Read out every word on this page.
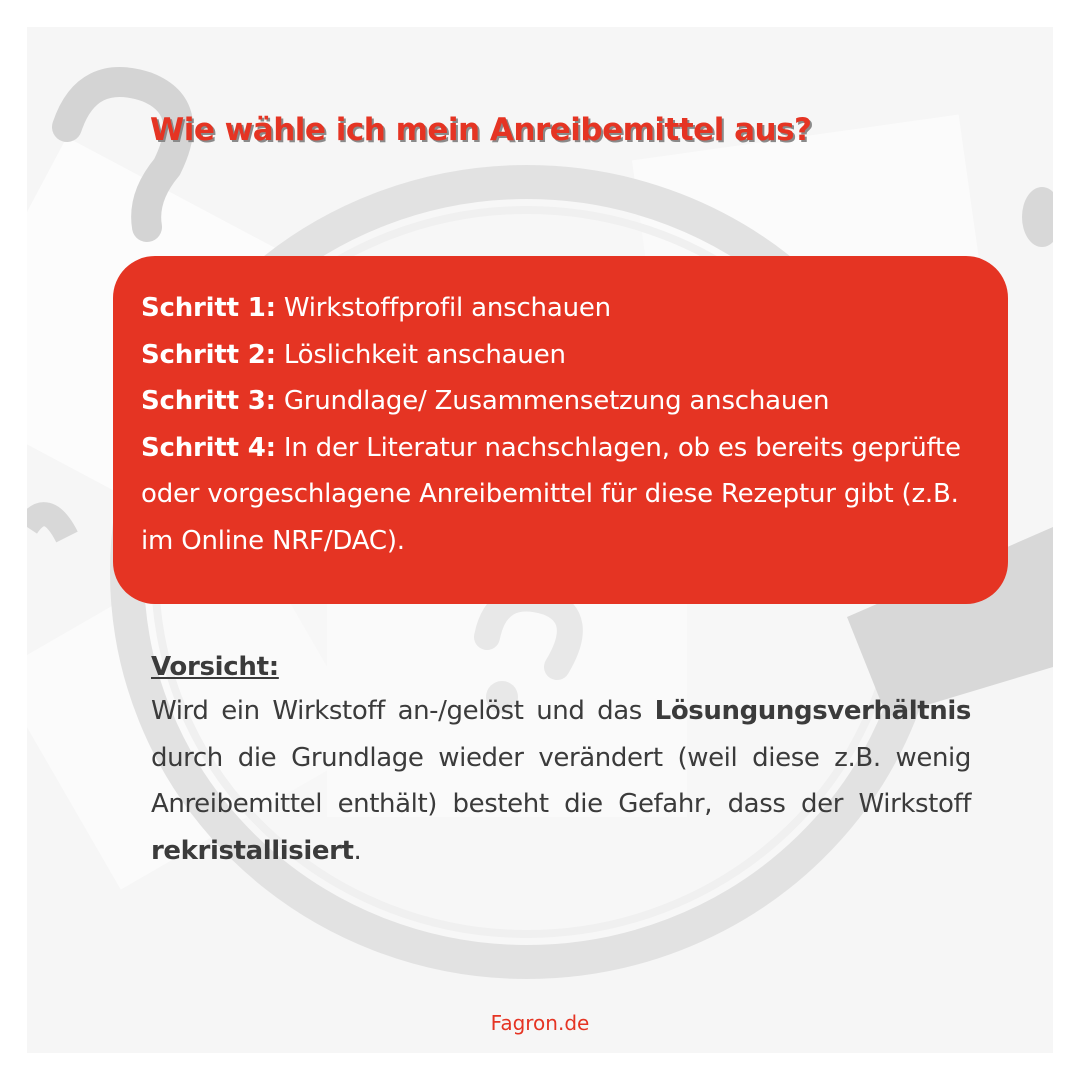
Wie wähle ich mein Anreibemittel aus?
Schritt 1: Wirkstoffprofil anschauen
Schritt 2: Löslichkeit anschauen
Schritt 3: Grundlage/ Zusammensetzung anschauen
Schritt 4: In der Literatur nachschlagen, ob es bereits geprüfte oder vorgeschlagene Anreibemittel für diese Rezeptur gibt (z.B. im Online NRF/DAC).
Vorsicht:
Wird ein Wirkstoff an-/gelöst und das Lösungungsverhältnis durch die Grundlage wieder verändert (weil diese z.B. wenig Anreibemittel enthält) besteht die Gefahr, dass der Wirkstoff rekristallisiert.
Fagron.de
